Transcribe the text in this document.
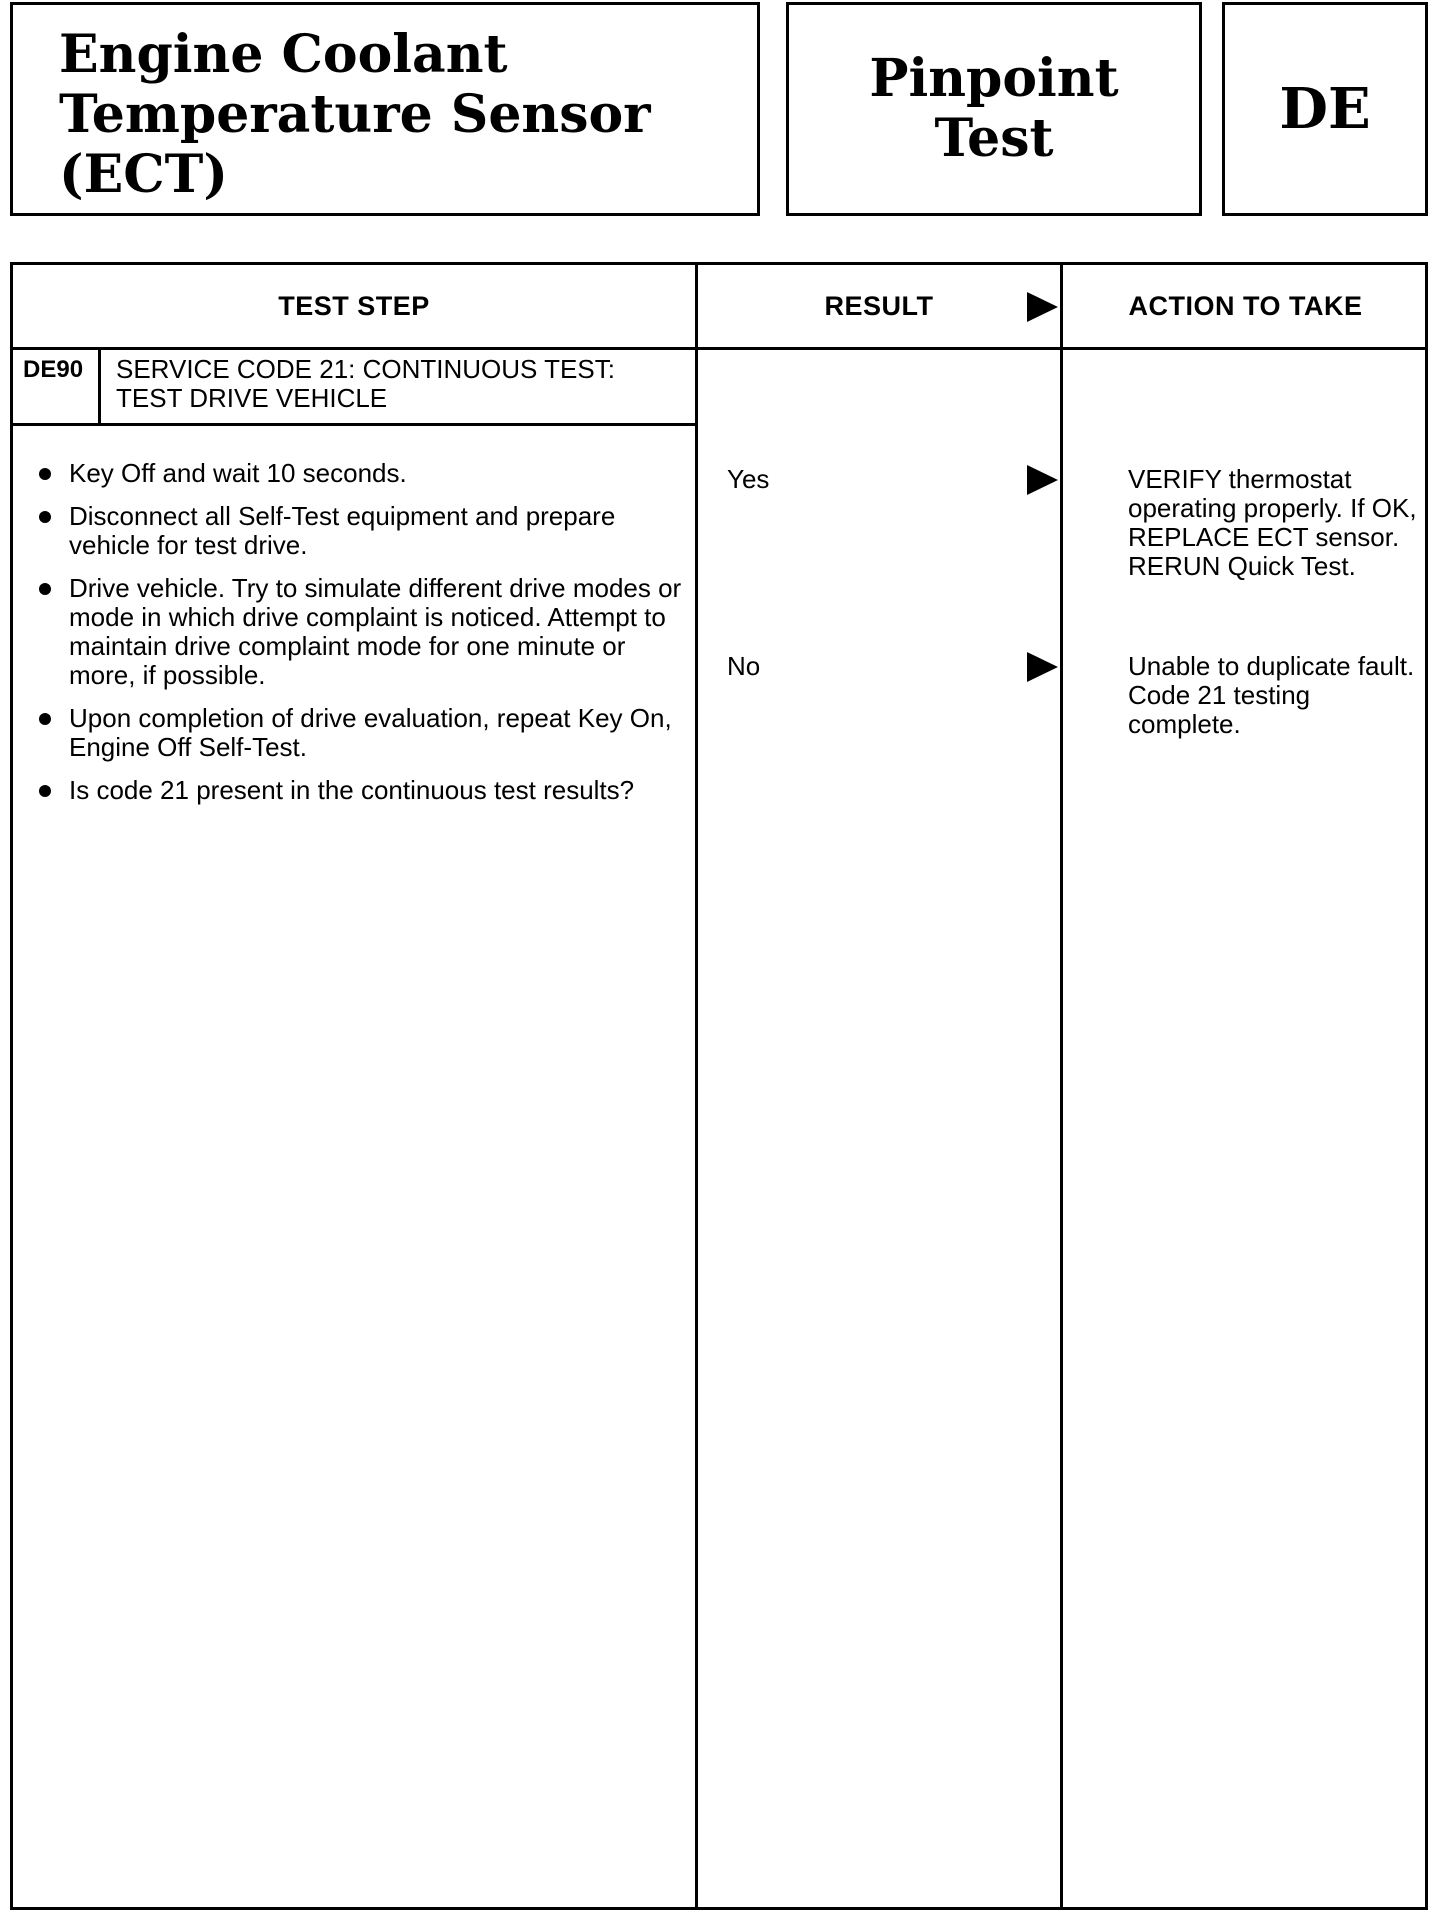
Engine Coolant
Temperature Sensor
(ECT)
Pinpoint
Test	DE
TEST STEP	RESULT	ACTION TO TAKE
DE90	SERVICE CODE 21: CONTINUOUS TEST: TEST DRIVE VEHICLE
Key Off and wait 10 seconds.
Disconnect all Self-Test equipment and prepare vehicle for test drive.
Drive vehicle. Try to simulate different drive modes or mode in which drive complaint is noticed. Attempt to maintain drive complaint mode for one minute or more, if possible.
Upon completion of drive evaluation, repeat Key On, Engine Off Self-Test.
Is code 21 present in the continuous test results?
Yes	VERIFY thermostat operating properly. If OK, REPLACE ECT sensor. RERUN Quick Test.
No	Unable to duplicate fault. Code 21 testing complete.
